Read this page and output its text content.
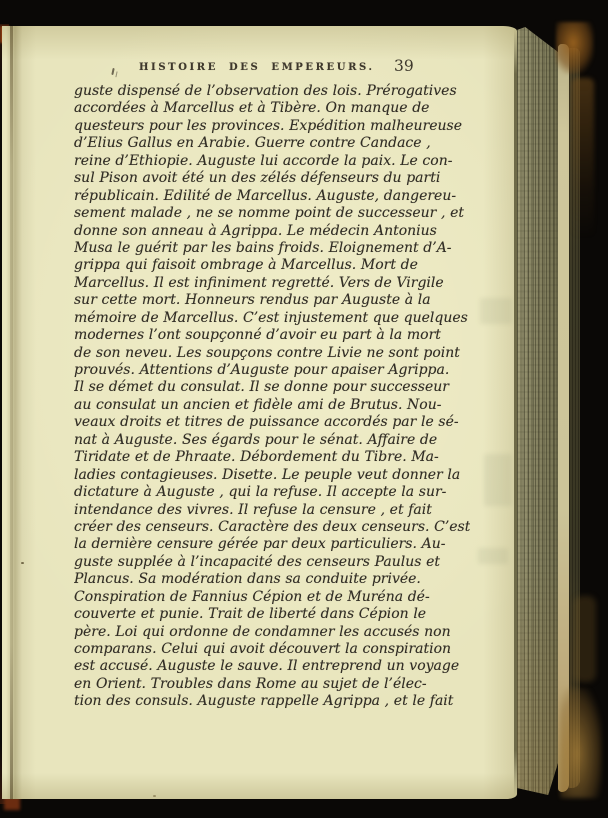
HISTOIRE DES EMPEREURS. 39
guste dispensé de l’observation des lois. Prérogatives
accordées à Marcellus et à Tibère. On manque de
questeurs pour les provinces. Expédition malheureuse
d’Elius Gallus en Arabie. Guerre contre Candace ,
reine d’Ethiopie. Auguste lui accorde la paix. Le con-
sul Pison avoit été un des zélés défenseurs du parti
républicain. Edilité de Marcellus. Auguste, dangereu-
sement malade , ne se nomme point de successeur , et
donne son anneau à Agrippa. Le médecin Antonius
Musa le guérit par les bains froids. Eloignement d’A-
grippa qui faisoit ombrage à Marcellus. Mort de
Marcellus. Il est infiniment regretté. Vers de Virgile
sur cette mort. Honneurs rendus par Auguste à la
mémoire de Marcellus. C’est injustement que quelques
modernes l’ont soupçonné d’avoir eu part à la mort
de son neveu. Les soupçons contre Livie ne sont point
prouvés. Attentions d’Auguste pour apaiser Agrippa.
Il se démet du consulat. Il se donne pour successeur
au consulat un ancien et fidèle ami de Brutus. Nou-
veaux droits et titres de puissance accordés par le sé-
nat à Auguste. Ses égards pour le sénat. Affaire de
Tiridate et de Phraate. Débordement du Tibre. Ma-
ladies contagieuses. Disette. Le peuple veut donner la
dictature à Auguste , qui la refuse. Il accepte la sur-
intendance des vivres. Il refuse la censure , et fait
créer des censeurs. Caractère des deux censeurs. C’est
la dernière censure gérée par deux particuliers. Au-
guste supplée à l’incapacité des censeurs Paulus et
Plancus. Sa modération dans sa conduite privée.
Conspiration de Fannius Cépion et de Muréna dé-
couverte et punie. Trait de liberté dans Cépion le
père. Loi qui ordonne de condamner les accusés non
comparans. Celui qui avoit découvert la conspiration
est accusé. Auguste le sauve. Il entreprend un voyage
en Orient. Troubles dans Rome au sujet de l’élec-
tion des consuls. Auguste rappelle Agrippa , et le fait
